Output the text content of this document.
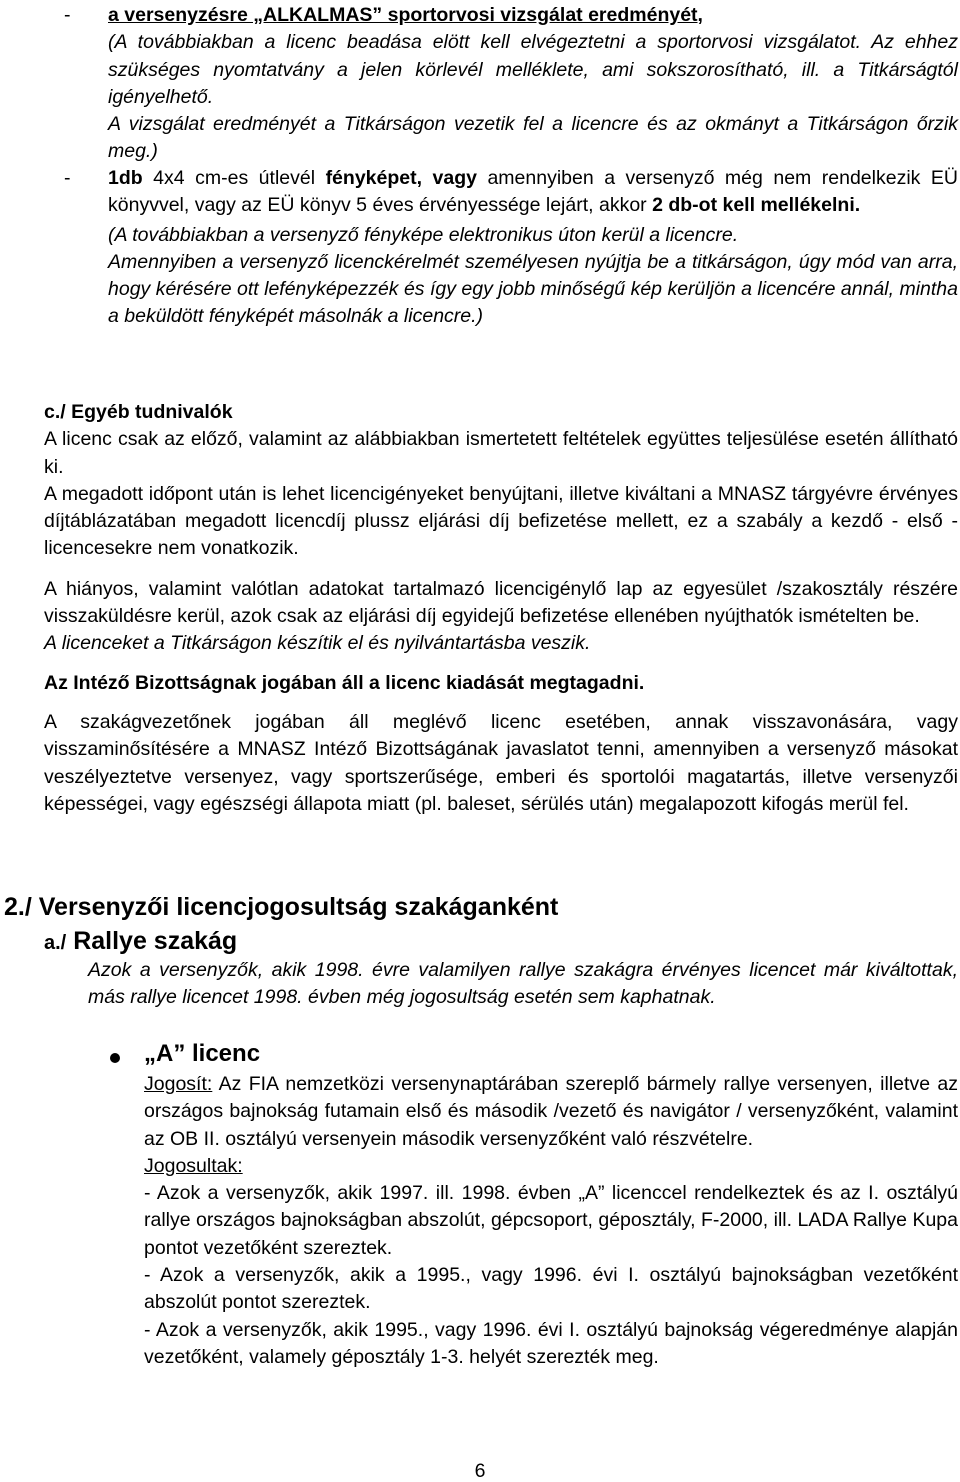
-	a versenyzésre „ALKALMAS” sportorvosi vizsgálat eredményét,
(A továbbiakban a licenc beadása elött kell elvégeztetni a sportorvosi vizsgálatot. Az ehhez szükséges nyomtatvány a jelen körlevél melléklete, ami sokszorosítható, ill. a Titkárságtól igényelhető.
A vizsgálat eredményét a Titkárságon vezetik fel a licencre és az okmányt a Titkárságon őrzik meg.)
-	1db 4x4 cm-es útlevél fényképet, vagy amennyiben a versenyző még nem rendelkezik EÜ könyvvel, vagy az EÜ könyv 5 éves érvényessége lejárt, akkor 2 db-ot kell mellékelni.
(A továbbiakban a versenyző fényképe elektronikus úton kerül a licencre.
Amennyiben a versenyző licenckérelmét személyesen nyújtja be a titkárságon, úgy mód van arra, hogy kérésére ott lefényképezzék és így egy jobb minőségű kép kerüljön a licencére annál, mintha a beküldött fényképét másolnák a licencre.)
c./ Egyéb tudnivalók
A licenc csak az előző, valamint az alábbiakban ismertetett feltételek együttes teljesülése esetén állítható ki.
A megadott időpont után is lehet licencigényeket benyújtani, illetve kiváltani a MNASZ tárgyévre érvényes díjtáblázatában megadott licencdíj plussz eljárási díj befizetése mellett, ez a szabály a kezdő - első - licencesekre nem vonatkozik.
A hiányos, valamint valótlan adatokat tartalmazó licencigénylő lap az egyesület /szakosztály részére visszaküldésre kerül, azok csak az eljárási díj egyidejű befizetése ellenében nyújthatók ismételten be.
A licenceket a Titkárságon készítik el és nyilvántartásba veszik.
Az Intéző Bizottságnak jogában áll a licenc kiadását megtagadni.
A szakágvezetőnek jogában áll meglévő licenc esetében, annak visszavonására, vagy visszaminősítésére a MNASZ Intéző Bizottságának javaslatot tenni, amennyiben a versenyző másokat veszélyeztetve versenyez, vagy sportszerűsége, emberi és sportolói magatartás, illetve versenyzői képességei, vagy egészségi állapota miatt (pl. baleset, sérülés után) megalapozott kifogás merül fel.
2./ Versenyzői licencjogosultság szakáganként
a./ Rallye szakág
Azok a versenyzők, akik 1998. évre valamilyen rallye szakágra érvényes licencet már kiváltottak, más rallye licencet 1998. évben még jogosultság esetén sem kaphatnak.
„A” licenc
Jogosít: Az FIA nemzetközi versenynaptárában szereplő bármely rallye versenyen, illetve az országos bajnokság futamain első és második /vezető és navigátor / versenyzőként, valamint az OB II. osztályú versenyein második versenyzőként való részvételre.
Jogosultak:
- Azok a versenyzők, akik 1997. ill. 1998. évben „A” licenccel rendelkeztek és az I. osztályú rallye országos bajnokságban abszolút, gépcsoport, géposztály, F-2000, ill. LADA Rallye Kupa pontot vezetőként szereztek.
- Azok a versenyzők, akik a 1995., vagy 1996. évi I. osztályú bajnokságban vezetőként abszolút pontot szereztek.
- Azok a versenyzők, akik 1995., vagy 1996. évi I. osztályú bajnokság végeredménye alapján vezetőként, valamely géposztály 1-3. helyét szerezték meg.
6
